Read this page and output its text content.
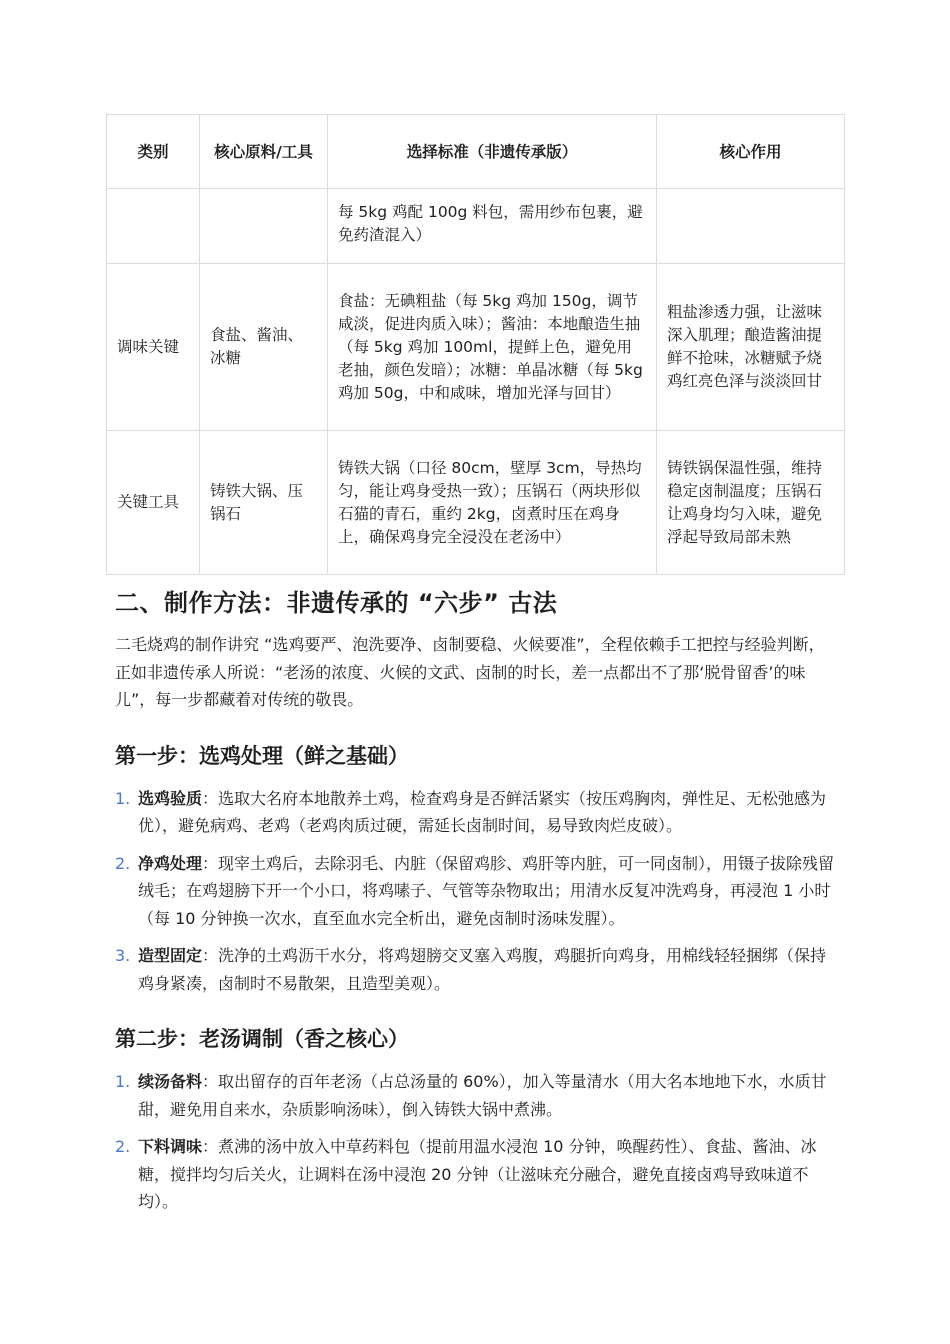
类别	核心原料/工具	选择标准（非遗传承版）	核心作用
		每 5kg 鸡配 100g 料包，需用纱布包裹，避免药渣混入）	
调味关键	食盐、酱油、冰糖	食盐：无碘粗盐（每 5kg 鸡加 150g，调节咸淡，促进肉质入味）；酱油：本地酿造生抽（每 5kg 鸡加 100ml，提鲜上色，避免用老抽，颜色发暗）；冰糖：单晶冰糖（每 5kg 鸡加 50g，中和咸味，增加光泽与回甘）	粗盐渗透力强，让滋味深入肌理；酿造酱油提鲜不抢味，冰糖赋予烧鸡红亮色泽与淡淡回甘
关键工具	铸铁大锅、压锅石	铸铁大锅（口径 80cm，壁厚 3cm，导热均匀，能让鸡身受热一致）；压锅石（两块形似石猫的青石，重约 2kg，卤煮时压在鸡身上，确保鸡身完全浸没在老汤中）	铸铁锅保温性强，维持稳定卤制温度；压锅石让鸡身均匀入味，避免浮起导致局部未熟
二、制作方法：非遗传承的 “六步” 古法

二毛烧鸡的制作讲究 “选鸡要严、泡洗要净、卤制要稳、火候要准”，全程依赖手工把控与经验判断，正如非遗传承人所说：“老汤的浓度、火候的文武、卤制的时长，差一点都出不了那‘脱骨留香’的味儿”，每一步都藏着对传统的敬畏。

第一步：选鸡处理（鲜之基础）
1. 选鸡验质：选取大名府本地散养土鸡，检查鸡身是否鲜活紧实（按压鸡胸肉，弹性足、无松弛感为优），避免病鸡、老鸡（老鸡肉质过硬，需延长卤制时间，易导致肉烂皮破）。
2. 净鸡处理：现宰土鸡后，去除羽毛、内脏（保留鸡胗、鸡肝等内脏，可一同卤制），用镊子拔除残留绒毛；在鸡翅膀下开一个小口，将鸡嗉子、气管等杂物取出；用清水反复冲洗鸡身，再浸泡 1 小时（每 10 分钟换一次水，直至血水完全析出，避免卤制时汤味发腥）。
3. 造型固定：洗净的土鸡沥干水分，将鸡翅膀交叉塞入鸡腹，鸡腿折向鸡身，用棉线轻轻捆绑（保持鸡身紧凑，卤制时不易散架，且造型美观）。
第二步：老汤调制（香之核心）
1. 续汤备料：取出留存的百年老汤（占总汤量的 60%），加入等量清水（用大名本地地下水，水质甘甜，避免用自来水，杂质影响汤味），倒入铸铁大锅中煮沸。
2. 下料调味：煮沸的汤中放入中草药料包（提前用温水浸泡 10 分钟，唤醒药性）、食盐、酱油、冰糖，搅拌均匀后关火，让调料在汤中浸泡 20 分钟（让滋味充分融合，避免直接卤鸡导致味道不均）。
